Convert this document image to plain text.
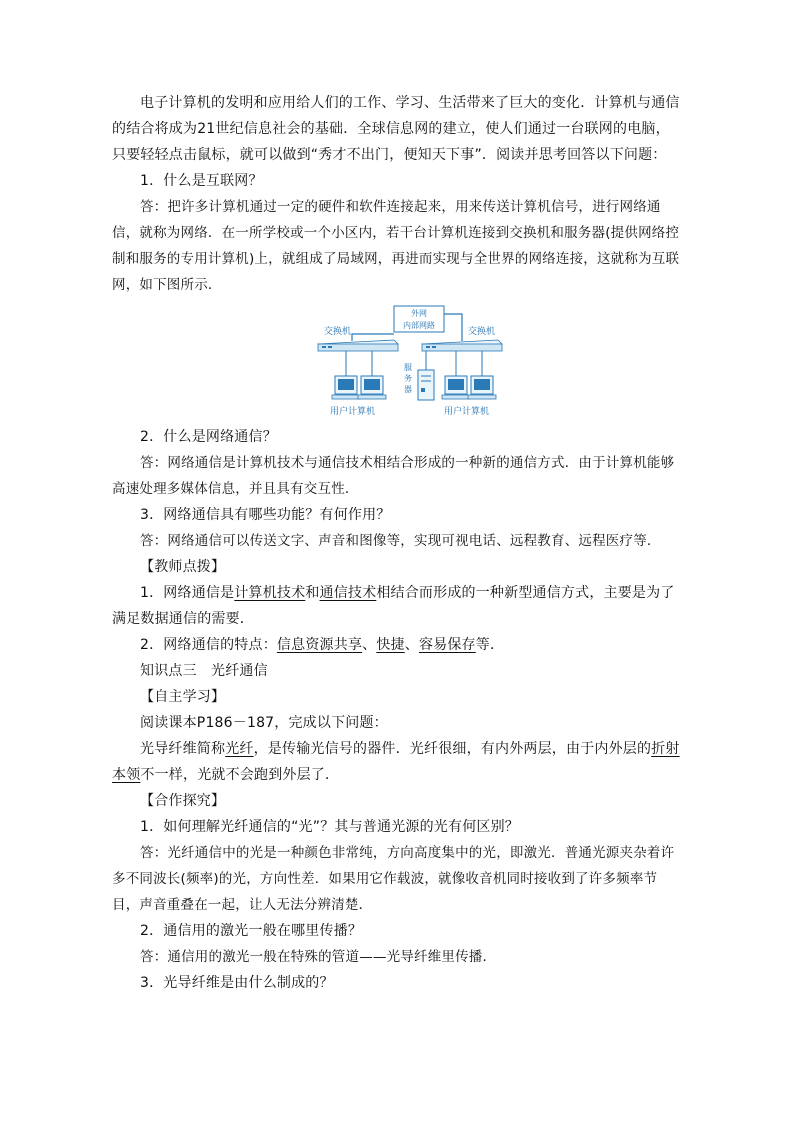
电子计算机的发明和应用给人们的工作、学习、生活带来了巨大的变化．计算机与通信的结合将成为21世纪信息社会的基础．全球信息网的建立，使人们通过一台联网的电脑，只要轻轻点击鼠标，就可以做到“秀才不出门，便知天下事”．阅读并思考回答以下问题：

1．什么是互联网？

答：把许多计算机通过一定的硬件和软件连接起来，用来传送计算机信号，进行网络通信，就称为网络．在一所学校或一个小区内，若干台计算机连接到交换机和服务器(提供网络控制和服务的专用计算机)上，就组成了局域网，再进而实现与全世界的网络连接，这就称为互联网，如下图所示．

外网
内部网路
交换机	交换机
服
务
器
用户计算机	用户计算机

2．什么是网络通信？

答：网络通信是计算机技术与通信技术相结合形成的一种新的通信方式．由于计算机能够高速处理多媒体信息，并且具有交互性．

3．网络通信具有哪些功能？有何作用？

答：网络通信可以传送文字、声音和图像等，实现可视电话、远程教育、远程医疗等．

【教师点拨】

1．网络通信是计算机技术和通信技术相结合而形成的一种新型通信方式，主要是为了满足数据通信的需要．

2．网络通信的特点：信息资源共享、快捷、容易保存等．

知识点三　光纤通信

【自主学习】

阅读课本P186－187，完成以下问题：

光导纤维简称光纤，是传输光信号的器件．光纤很细，有内外两层，由于内外层的折射本领不一样，光就不会跑到外层了．

【合作探究】

1．如何理解光纤通信的“光”？其与普通光源的光有何区别？

答：光纤通信中的光是一种颜色非常纯，方向高度集中的光，即激光．普通光源夹杂着许多不同波长(频率)的光，方向性差．如果用它作载波，就像收音机同时接收到了许多频率节目，声音重叠在一起，让人无法分辨清楚．

2．通信用的激光一般在哪里传播？

答：通信用的激光一般在特殊的管道——光导纤维里传播．

3．光导纤维是由什么制成的？
